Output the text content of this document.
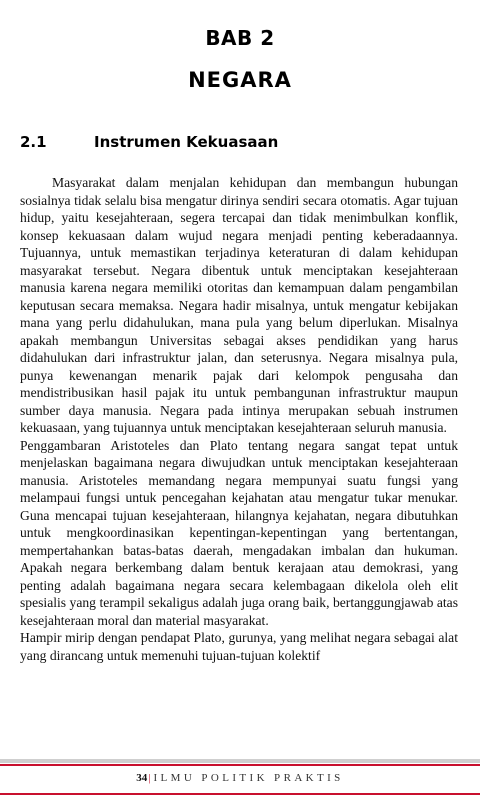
BAB 2
NEGARA
2.1	Instrumen Kekuasaan

Masyarakat dalam menjalan kehidupan dan membangun hubungan sosialnya tidak selalu bisa mengatur dirinya sendiri secara otomatis. Agar tujuan hidup, yaitu kesejahteraan, segera tercapai dan tidak menimbulkan konflik, konsep kekuasaan dalam wujud negara menjadi penting keberadaannya. Tujuannya, untuk memastikan terjadinya keteraturan di dalam kehidupan masyarakat tersebut. Negara dibentuk untuk menciptakan kesejahteraan manusia karena negara memiliki otoritas dan kemampuan dalam pengambilan keputusan secara memaksa. Negara hadir misalnya, untuk mengatur kebijakan mana yang perlu didahulukan, mana pula yang belum diperlukan. Misalnya apakah membangun Universitas sebagai akses pendidikan yang harus didahulukan dari infrastruktur jalan, dan seterusnya. Negara misalnya pula, punya kewenangan menarik pajak dari kelompok pengusaha dan mendistribusikan hasil pajak itu untuk pembangunan infrastruktur maupun sumber daya manusia. Negara pada intinya merupakan sebuah instrumen kekuasaan, yang tujuannya untuk menciptakan kesejahteraan seluruh manusia.

Penggambaran Aristoteles dan Plato tentang negara sangat tepat untuk menjelaskan bagaimana negara diwujudkan untuk menciptakan kesejahteraan manusia. Aristoteles memandang negara mempunyai suatu fungsi yang melampaui fungsi untuk pencegahan kejahatan atau mengatur tukar menukar. Guna mencapai tujuan kesejahteraan, hilangnya kejahatan, negara dibutuhkan untuk mengkoordinasikan kepentingan-kepentingan yang bertentangan, mempertahankan batas-batas daerah, mengadakan imbalan dan hukuman. Apakah negara berkembang dalam bentuk kerajaan atau demokrasi, yang penting adalah bagaimana negara secara kelembagaan dikelola oleh elit spesialis yang terampil sekaligus adalah juga orang baik, bertanggungjawab atas kesejahteraan moral dan material masyarakat.

Hampir mirip dengan pendapat Plato, gurunya, yang melihat negara sebagai alat yang dirancang untuk memenuhi tujuan-tujuan kolektif

34| ILMU POLITIK PRAKTIS
